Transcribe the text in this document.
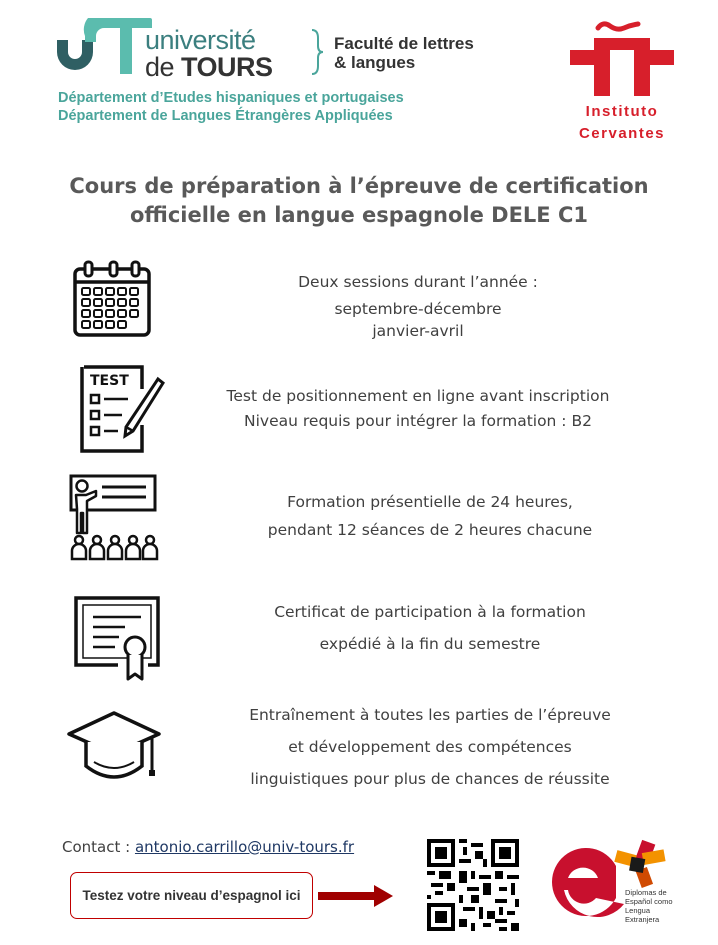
université
de TOURS
Faculté de lettres
& langues
Département d’Etudes hispaniques et portugaises
Département de Langues Étrangères Appliquées	Instituto
Cervantes
Cours de préparation à l’épreuve de certification
officielle en langue espagnole DELE C1
Deux sessions durant l’année :
septembre-décembre
janvier-avril
TEST
Test de positionnement en ligne avant inscription
Niveau requis pour intégrer la formation : B2
Formation présentielle de 24 heures,
pendant 12 séances de 2 heures chacune
Certificat de participation à la formation
expédié à la fin du semestre
Entraînement à toutes les parties de l’épreuve
et développement des compétences
linguistiques pour plus de chances de réussite
Contact : antonio.carrillo@univ-tours.fr
Testez votre niveau d’espagnol ici	Diplomas de
Español como
Lengua
Extranjera
